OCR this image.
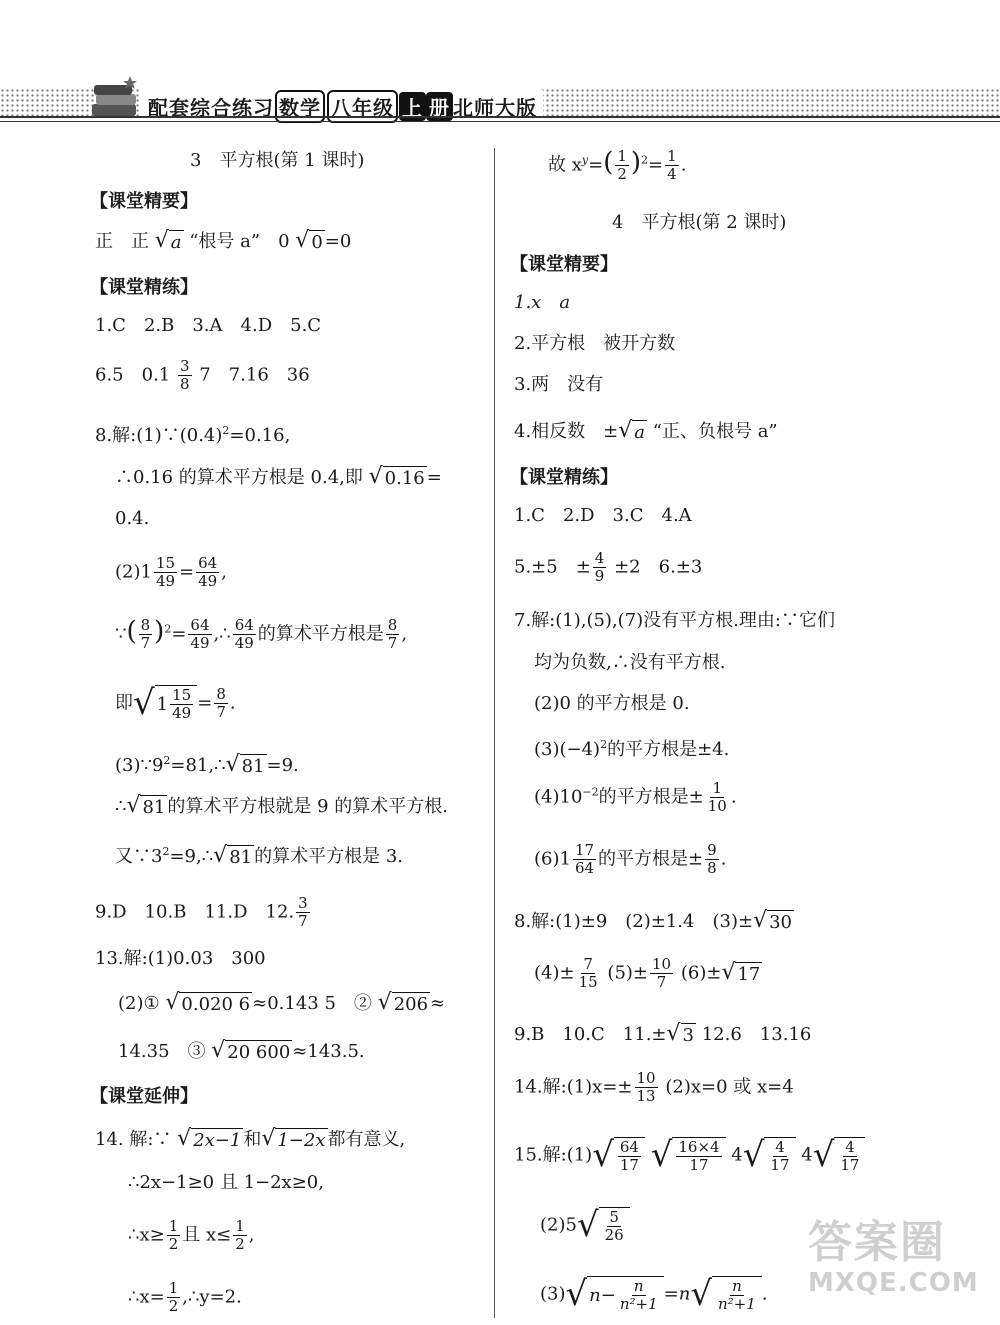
配套综合练习 数学 八年级 上 册 北师大版
3　平方根(第 1 课时)
【课堂精要】
正　正 √ a “根号 a”　0 √ 0 =0
【课堂精练】
1.C　2.B　3.A　4.D　5.C
6.5　$0.1 \frac{3}{8} 7$　7.16　36
8.解$:(1)\because(0.4)^2=0.16$,
∴0.16 的算术平方根是 0.4,即 √ 0.16 =
0.4.
$(2)1 \frac{15}{49} = \frac{64}{49}$ ,
∵( $\frac{8}{7} )^2= \frac{64}{49}$ ,∴ $\frac{64}{49}$ 的算术平方根是 $\frac{8}{7}$ ,
即 √ $1 \frac{15}{49} = \frac{8}{7}$ .
$(3)\because 9^2=81,\therefore$ √ 81 =9.
∴ √ 81 的算术平方根就是 9 的算术平方根.
又$\because 3^2=9,\therefore$ √ 81 的算术平方根是 3.
9.D　10.B　11.D　12. $\frac{3}{7}$
13.解:(1)0.03　300
(2)① √ 0.020 6 ≈0.143 5　② √ 206 ≈
14.35　③ √ 20 600 ≈143.5.
【课堂延伸】
14. 解:∵ √ 2x−1 和 √ 1−2x 都有意义,
∴2x−1≥0 且 1−2x≥0,
∴x≥ $\frac{1}{2}$ 且 $x\le \frac{1}{2}$ ,
∴x= $\frac{1}{2}$ ,∴y=2.
故 $x^y=( \frac{1}{2} )^2= \frac{1}{4}$ .
4　平方根(第 2 课时)
【课堂精要】
1.x　a
2.平方根　被开方数
3.两　没有
4.相反数　± √ a “正、负根号 a”
【课堂精练】
1.C　2.D　3.C　4.A
5.±5　± $\frac{4}{9} \pm 2$　6.±3
7.解:(1),(5),(7)没有平方根.理由:∵它们
均为负数,∴没有平方根.
(2)0 的平方根是 0.
$(3)(-4)^2$的平方根是±4.
$(4)10^{-2}$的平方根是± $\frac{1}{10}$ .
$(6)1 \frac{17}{64}$ 的平方根是± $\frac{9}{8}$ .
8.解:(1)±9　(2)±1.4　(3)± √ 30
$(4)\pm \frac{7}{15} (5)\pm \frac{10}{7} (6)\pm$ √ 17
9.B　10.C　11.± √ 3 12.6　13.16
14.解:(1)x=± $\frac{10}{13} (2)x=0$ 或 x=4
15.解:(1) √ $\frac{64}{17}$
√ $\frac{16\times 4}{17} 4$ √ $\frac{4}{17} 4$ √ $\frac{4}{17}$
(2)5 √ $\frac{5}{26}$
(3) √ $n- \frac{n}{\text{n²+1}} =n$ √ $\frac{n}{\text{n²+1}}$ .
答案圈
MXQE.COM
